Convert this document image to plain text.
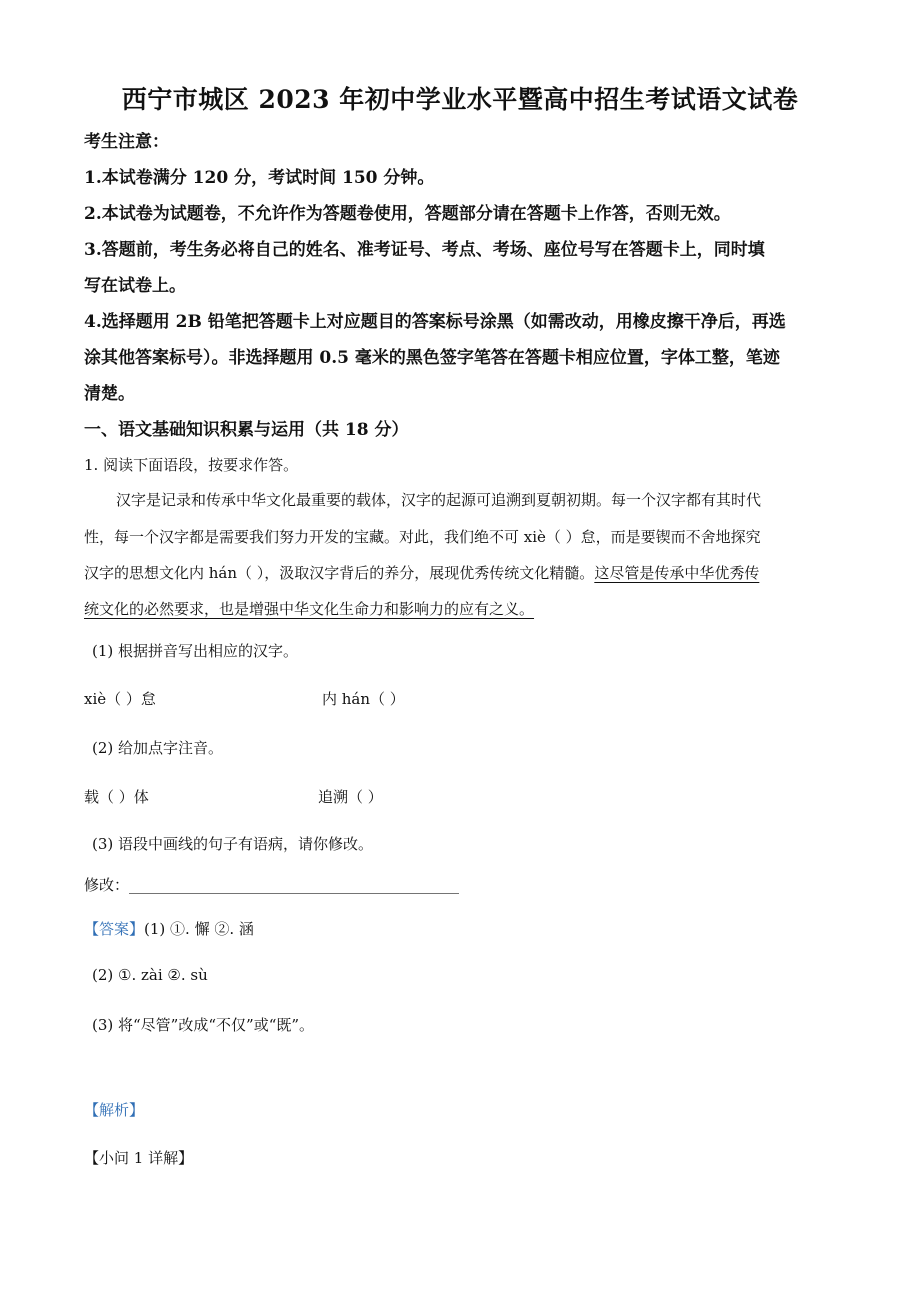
西宁市城区 2023 年初中学业水平暨高中招生考试语文试卷
考生注意：
1.本试卷满分 120 分，考试时间 150 分钟。
2.本试卷为试题卷，不允许作为答题卷使用，答题部分请在答题卡上作答，否则无效。
3.答题前，考生务必将自己的姓名、准考证号、考点、考场、座位号写在答题卡上，同时填
写在试卷上。
4.选择题用 2B 铅笔把答题卡上对应题目的答案标号涂黑（如需改动，用橡皮擦干净后，再选
涂其他答案标号）。非选择题用 0.5 毫米的黑色签字笔答在答题卡相应位置，字体工整，笔迹
清楚。
一、语文基础知识积累与运用（共 18 分）
1. 阅读下面语段，按要求作答。
汉字是记录和传承中华文化最重要的载体，汉字的起源可追溯到夏朝初期。每一个汉字都有其时代
性，每一个汉字都是需要我们努力开发的宝藏。对此，我们绝不可 xiè（ ）怠，而是要锲而不舍地探究
汉字的思想文化内 hán（ ），汲取汉字背后的养分，展现优秀传统文化精髓。这尽管是传承中华优秀传
统文化的必然要求，也是增强中华文化生命力和影响力的应有之义。
(1) 根据拼音写出相应的汉字。
xiè（ ）怠	内 hán（ ）
(2) 给加点字注音。
载（ ）体	追溯（ ）
(3) 语段中画线的句子有语病，请你修改。
修改：____________________________________________
【答案】(1) ①. 懈 ②. 涵
(2) ①. zài ②. sù
(3) 将“尽管”改成“不仅”或“既”。
【解析】
【小问 1 详解】
